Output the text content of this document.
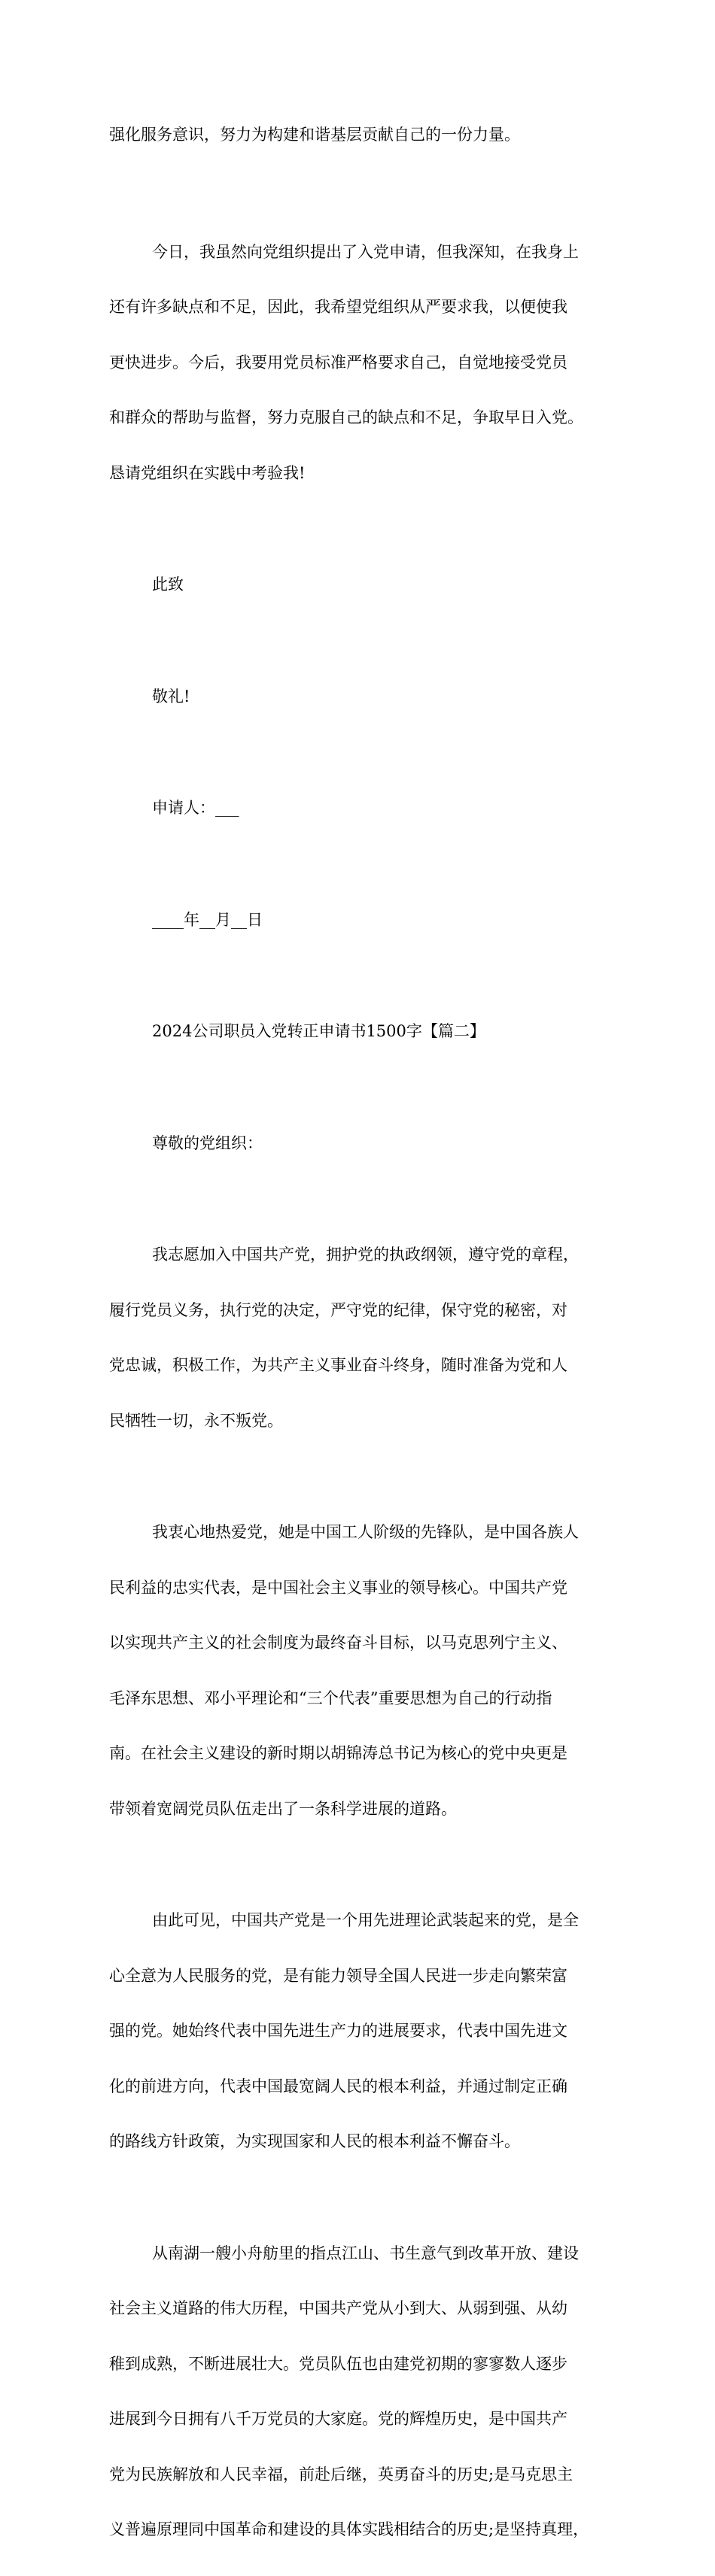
强化服务意识，努力为构建和谐基层贡献自己的一份力量。

今日，我虽然向党组织提出了入党申请，但我深知，在我身上

还有许多缺点和不足，因此，我希望党组织从严要求我，以便使我

更快进步。今后，我要用党员标准严格要求自己，自觉地接受党员

和群众的帮助与监督，努力克服自己的缺点和不足，争取早日入党。

恳请党组织在实践中考验我!

此致

敬礼!

申请人：___

____年__月__日

2024公司职员入党转正申请书1500字【篇二】

尊敬的党组织：

我志愿加入中国共产党，拥护党的执政纲领，遵守党的章程，

履行党员义务，执行党的决定，严守党的纪律，保守党的秘密，对

党忠诚，积极工作，为共产主义事业奋斗终身，随时准备为党和人

民牺牲一切，永不叛党。

我衷心地热爱党，她是中国工人阶级的先锋队，是中国各族人

民利益的忠实代表，是中国社会主义事业的领导核心。中国共产党

以实现共产主义的社会制度为最终奋斗目标，以马克思列宁主义、

毛泽东思想、邓小平理论和“三个代表”重要思想为自己的行动指

南。在社会主义建设的新时期以胡锦涛总书记为核心的党中央更是

带领着宽阔党员队伍走出了一条科学进展的道路。

由此可见，中国共产党是一个用先进理论武装起来的党，是全

心全意为人民服务的党，是有能力领导全国人民进一步走向繁荣富

强的党。她始终代表中国先进生产力的进展要求，代表中国先进文

化的前进方向，代表中国最宽阔人民的根本利益，并通过制定正确

的路线方针政策，为实现国家和人民的根本利益不懈奋斗。

从南湖一艘小舟舫里的指点江山、书生意气到改革开放、建设

社会主义道路的伟大历程，中国共产党从小到大、从弱到强、从幼

稚到成熟，不断进展壮大。党员队伍也由建党初期的寥寥数人逐步

进展到今日拥有八千万党员的大家庭。党的辉煌历史，是中国共产

党为民族解放和人民幸福，前赴后继，英勇奋斗的历史;是马克思主

义普遍原理同中国革命和建设的具体实践相结合的历史;是坚持真理，
